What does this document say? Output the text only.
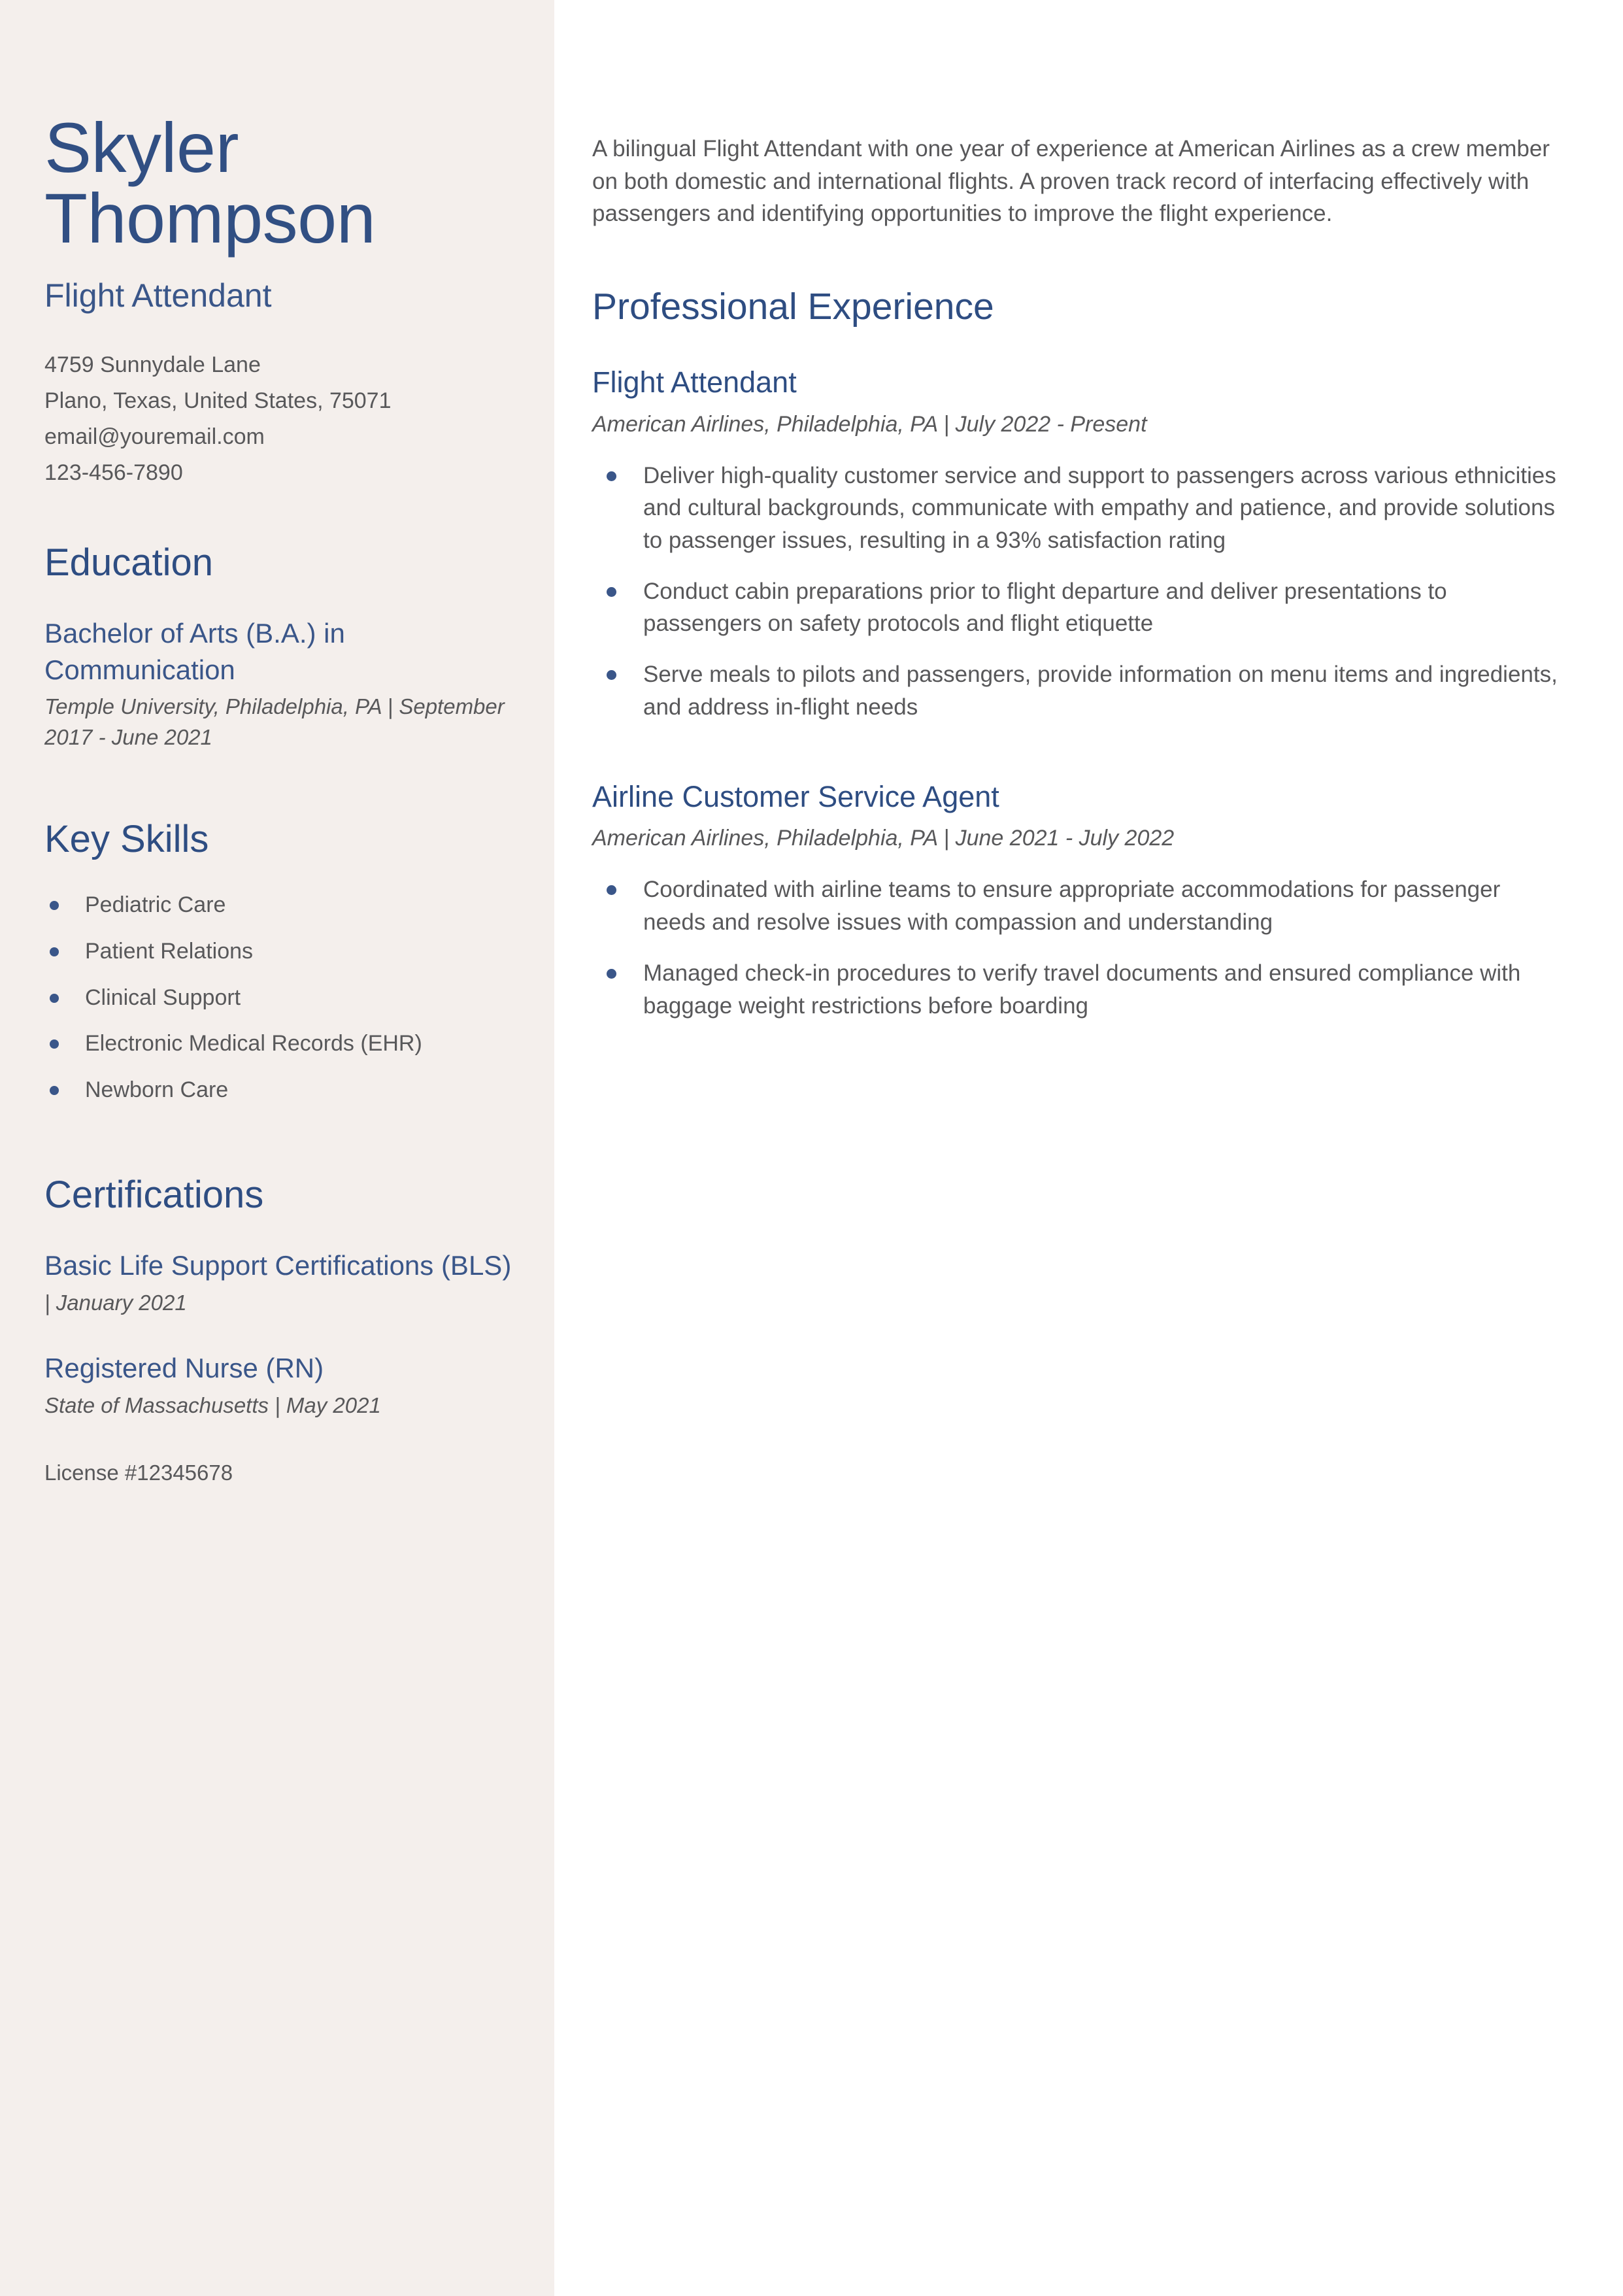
Skyler
Thompson
Flight Attendant
4759 Sunnydale Lane
Plano, Texas, United States, 75071
email@youremail.com
123-456-7890
Education
Bachelor of Arts (B.A.) in Communication
Temple University, Philadelphia, PA | September 2017 - June 2021
Key Skills
Pediatric Care
Patient Relations
Clinical Support
Electronic Medical Records (EHR)
Newborn Care
Certifications
Basic Life Support Certifications (BLS)
| January 2021
Registered Nurse (RN)
State of Massachusetts | May 2021
License #12345678

A bilingual Flight Attendant with one year of experience at American Airlines as a crew member on both domestic and international flights. A proven track record of interfacing effectively with passengers and identifying opportunities to improve the flight experience.

Professional Experience
Flight Attendant
American Airlines, Philadelphia, PA | July 2022 - Present
Deliver high-quality customer service and support to passengers across various ethnicities and cultural backgrounds, communicate with empathy and patience, and provide solutions to passenger issues, resulting in a 93% satisfaction rating
Conduct cabin preparations prior to flight departure and deliver presentations to passengers on safety protocols and flight etiquette
Serve meals to pilots and passengers, provide information on menu items and ingredients, and address in-flight needs
Airline Customer Service Agent
American Airlines, Philadelphia, PA | June 2021 - July 2022
Coordinated with airline teams to ensure appropriate accommodations for passenger needs and resolve issues with compassion and understanding
Managed check-in procedures to verify travel documents and ensured compliance with baggage weight restrictions before boarding
